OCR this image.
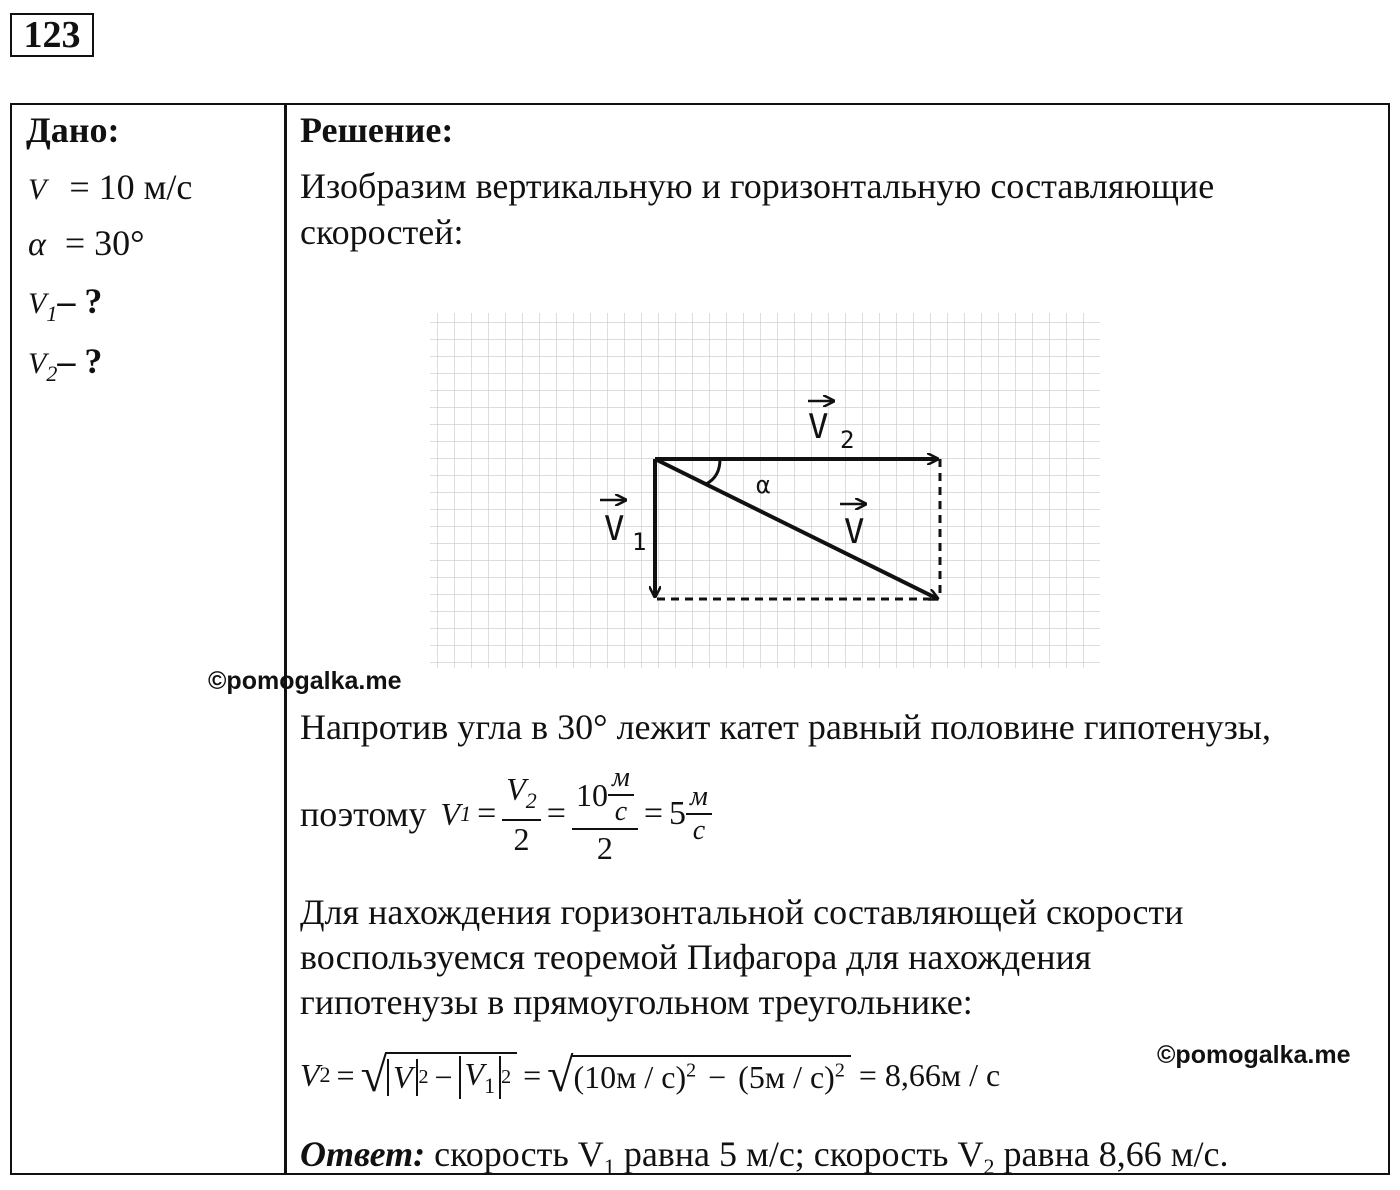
123
Дано:
V = 10 м/с
α = 30°
$V_1-$ ?
$V_2-$ ?
Решение:
Изобразим вертикальную и горизонтальную составляющие
скоростей:
V 2
V 1	V
α
©pomogalka.me
Напротив угла в 30° лежит катет равный половине гипотенузы,
поэтому V $1 = \frac{V_2}{2} = \frac{10 \frac{м}{с}}{2} = 5 \frac{м}{с}$
Для нахождения горизонтальной составляющей скорости
воспользуемся теоремой Пифагора для нахождения
гипотенузы в прямоугольном треугольнике:
V 2 = √ V $2 - V_1$ 2 = √ (10м / с)$^2$ − (5м / с)$^2$ = 8,66м / с
©pomogalka.me
Ответ: скорость $V_1$ равна 5 м/с; скорость $V_2$ равна 8,66 м/с.
